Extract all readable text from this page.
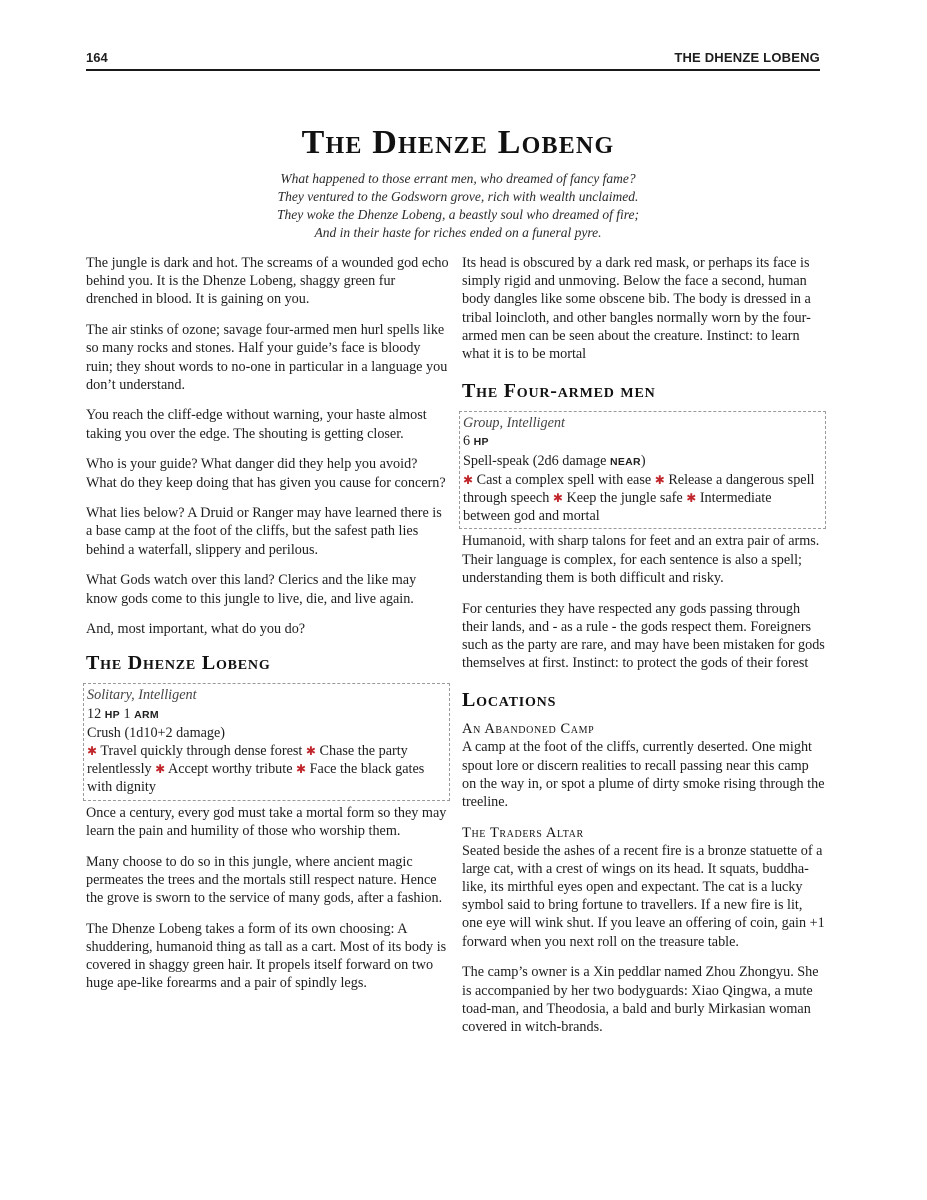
164	THE DHENZE LOBENG
The Dhenze Lobeng
What happened to those errant men, who dreamed of fancy fame?
They ventured to the Godsworn grove, rich with wealth unclaimed.
They woke the Dhenze Lobeng, a beastly soul who dreamed of fire;
And in their haste for riches ended on a funeral pyre.

The jungle is dark and hot. The screams of a wounded god echo behind you. It is the Dhenze Lobeng, shaggy green fur drenched in blood. It is gaining on you.

The air stinks of ozone; savage four-armed men hurl spells like so many rocks and stones. Half your guide’s face is bloody ruin; they shout words to no-one in particular in a language you don’t understand.

You reach the cliff-edge without warning, your haste almost taking you over the edge. The shouting is getting closer.

Who is your guide? What danger did they help you avoid? What do they keep doing that has given you cause for concern?

What lies below? A Druid or Ranger may have learned there is a base camp at the foot of the cliffs, but the safest path lies behind a waterfall, slippery and perilous.

What Gods watch over this land? Clerics and the like may know gods come to this jungle to live, die, and live again.

And, most important, what do you do?

The Dhenze Lobeng
Solitary, Intelligent
12 HP 1 ARM
Crush (1d10+2 damage)
✱ Travel quickly through dense forest ✱ Chase the party relentlessly ✱ Accept worthy tribute ✱ Face the black gates with dignity

Once a century, every god must take a mortal form so they may learn the pain and humility of those who worship them.

Many choose to do so in this jungle, where ancient magic permeates the trees and the mortals still respect nature. Hence the grove is sworn to the service of many gods, after a fashion.

The Dhenze Lobeng takes a form of its own choosing: A shuddering, humanoid thing as tall as a cart. Most of its body is covered in shaggy green hair. It propels itself forward on two huge ape-like forearms and a pair of spindly legs.

Its head is obscured by a dark red mask, or perhaps its face is simply rigid and unmoving. Below the face a second, human body dangles like some obscene bib. The body is dressed in a tribal loincloth, and other bangles normally worn by the four-armed men can be seen about the creature. Instinct: to learn what it is to be mortal

The Four-armed men
Group, Intelligent
6 HP
Spell-speak (2d6 damage NEAR)
✱ Cast a complex spell with ease ✱ Release a dangerous spell through speech ✱ Keep the jungle safe ✱ Intermediate between god and mortal

Humanoid, with sharp talons for feet and an extra pair of arms. Their language is complex, for each sentence is also a spell; understanding them is both difficult and risky.

For centuries they have respected any gods passing through their lands, and - as a rule - the gods respect them. Foreigners such as the party are rare, and may have been mistaken for gods themselves at first. Instinct: to protect the gods of their forest

Locations
An Abandoned Camp

A camp at the foot of the cliffs, currently deserted. One might spout lore or discern realities to recall passing near this camp on the way in, or spot a plume of dirty smoke rising through the treeline.

The Traders Altar

Seated beside the ashes of a recent fire is a bronze statuette of a large cat, with a crest of wings on its head. It squats, buddha-like, its mirthful eyes open and expectant. The cat is a lucky symbol said to bring fortune to travellers. If a new fire is lit, one eye will wink shut. If you leave an offering of coin, gain +1 forward when you next roll on the treasure table.

The camp’s owner is a Xin peddlar named Zhou Zhongyu. She is accompanied by her two bodyguards: Xiao Qingwa, a mute toad-man, and Theodosia, a bald and burly Mirkasian woman covered in witch-brands.
